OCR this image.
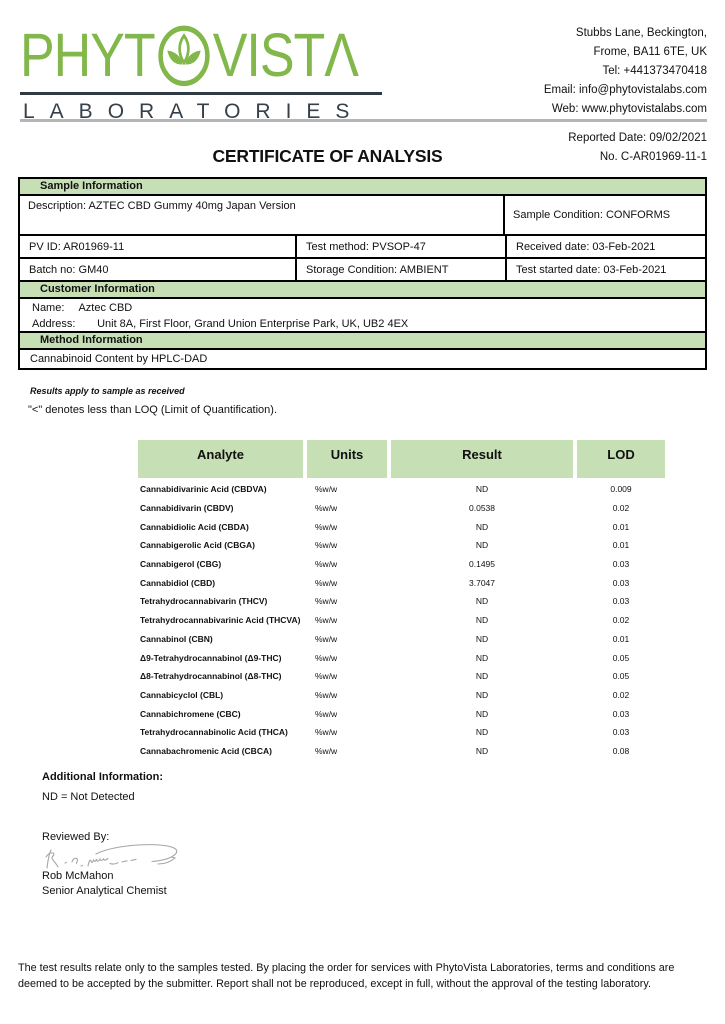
PHYT VISTΛ
LABORATORIES
Stubbs Lane, Beckington,
Frome, BA11 6TE, UK
Tel: +441373470418
Email: info@phytovistalabs.com
Web: www.phytovistalabs.com
Reported Date: 09/02/2021
No. C-AR01969-11-1
CERTIFICATE OF ANALYSIS
Sample Information
Description: AZTEC CBD Gummy 40mg Japan Version
Sample Condition: CONFORMS
PV ID: AR01969-11	Test method: PVSOP-47	Received date: 03-Feb-2021
Batch no: GM40	Storage Condition: AMBIENT	Test started date: 03-Feb-2021
Customer Information
Name: Aztec CBD
Address: Unit 8A, First Floor, Grand Union Enterprise Park, UK, UB2 4EX
Method Information
Cannabinoid Content by HPLC-DAD
Results apply to sample as received
"<" denotes less than LOQ (Limit of Quantification).
Analyte	Units	Result	LOD
Cannabidivarinic Acid (CBDVA)	%w/w	ND	0.009
Cannabidivarin (CBDV)	%w/w	0.0538	0.02
Cannabidiolic Acid (CBDA)	%w/w	ND	0.01
Cannabigerolic Acid (CBGA)	%w/w	ND	0.01
Cannabigerol (CBG)	%w/w	0.1495	0.03
Cannabidiol (CBD)	%w/w	3.7047	0.03
Tetrahydrocannabivarin (THCV)	%w/w	ND	0.03
Tetrahydrocannabivarinic Acid (THCVA)	%w/w	ND	0.02
Cannabinol (CBN)	%w/w	ND	0.01
Δ9-Tetrahydrocannabinol (Δ9-THC)	%w/w	ND	0.05
Δ8-Tetrahydrocannabinol (Δ8-THC)	%w/w	ND	0.05
Cannabicyclol (CBL)	%w/w	ND	0.02
Cannabichromene (CBC)	%w/w	ND	0.03
Tetrahydrocannabinolic Acid (THCA)	%w/w	ND	0.03
Cannabachromenic Acid (CBCA)	%w/w	ND	0.08
Additional Information:
ND = Not Detected
Reviewed By:
Rob McMahon
Senior Analytical Chemist
The test results relate only to the samples tested. By placing the order for services with PhytoVista Laboratories, terms and conditions are deemed to be accepted by the submitter. Report shall not be reproduced, except in full, without the approval of the testing laboratory.
